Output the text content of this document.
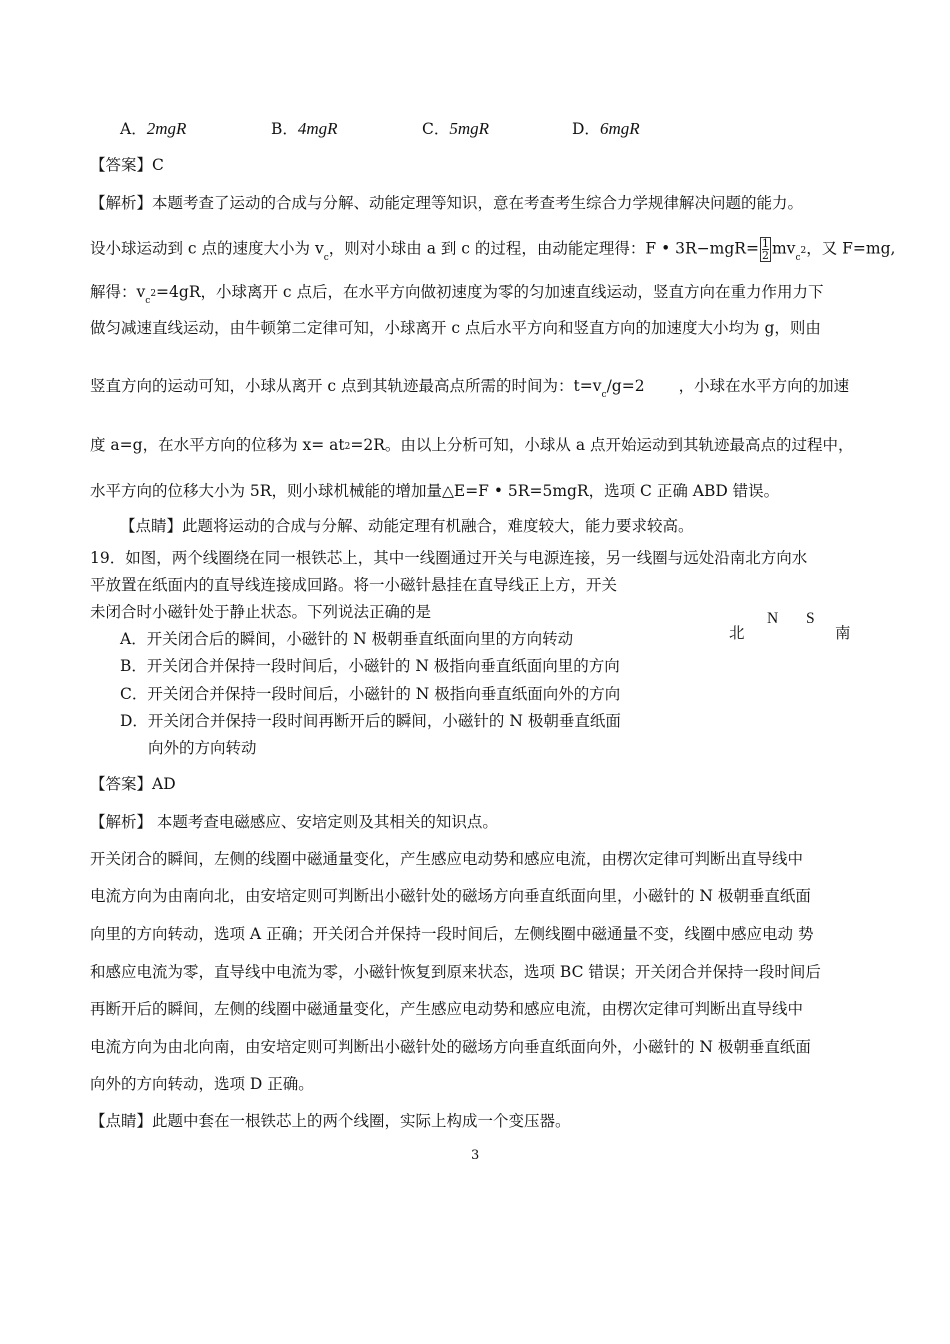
A．2mgR	B．4mgR	C．5mgR	D．6mgR
【答案】C
【解析】本题考查了运动的合成与分解、动能定理等知识，意在考查考生综合力学规律解决问题的能力。
设小球运动到 c 点的速度大小为 $v_c$，则对小球由 a 到 c 的过程，由动能定理得：F • $3R-mgR= \frac{1}{2} mv_c2$，又 F=mg,
解得：$v_c2=4gR$，小球离开 c 点后，在水平方向做初速度为零的匀加速直线运动，竖直方向在重力作用力下
做匀减速直线运动，由牛顿第二定律可知，小球离开 c 点后水平方向和竖直方向的加速度大小均为 g，则由
竖直方向的运动可知，小球从离开 c 点到其轨迹最高点所需的时间为：$t=v_c/g=2$ ，小球在水平方向的加速
度 a=g，在水平方向的位移为 x= at2=2R。由以上分析可知，小球从 a 点开始运动到其轨迹最高点的过程中，
水平方向的位移大小为 5R，则小球机械能的增加量△E=F • 5R=5mgR，选项 C 正确 ABD 错误。
【点睛】此题将运动的合成与分解、动能定理有机融合，难度较大，能力要求较高。
19．如图，两个线圈绕在同一根铁芯上，其中一线圈通过开关与电源连接，另一线圈与远处沿南北方向水
平放置在纸面内的直导线连接成回路。将一小磁针悬挂在直导线正上方，开关
未闭合时小磁针处于静止状态。下列说法正确的是
A．开关闭合后的瞬间，小磁针的 N 极朝垂直纸面向里的方向转动
B．开关闭合并保持一段时间后，小磁针的 N 极指向垂直纸面向里的方向
C．开关闭合并保持一段时间后，小磁针的 N 极指向垂直纸面向外的方向
D．开关闭合并保持一段时间再断开后的瞬间，小磁针的 N 极朝垂直纸面
向外的方向转动
北
N S
南
【答案】AD
【解析】 本题考查电磁感应、安培定则及其相关的知识点。
开关闭合的瞬间，左侧的线圈中磁通量变化，产生感应电动势和感应电流，由楞次定律可判断出直导线中
电流方向为由南向北，由安培定则可判断出小磁针处的磁场方向垂直纸面向里，小磁针的 N 极朝垂直纸面
向里的方向转动，选项 A 正确；开关闭合并保持一段时间后，左侧线圈中磁通量不变，线圈中感应电动 势
和感应电流为零，直导线中电流为零，小磁针恢复到原来状态，选项 BC 错误；开关闭合并保持一段时间后
再断开后的瞬间，左侧的线圈中磁通量变化，产生感应电动势和感应电流，由楞次定律可判断出直导线中
电流方向为由北向南，由安培定则可判断出小磁针处的磁场方向垂直纸面向外，小磁针的 N 极朝垂直纸面
向外的方向转动，选项 D 正确。
【点睛】此题中套在一根铁芯上的两个线圈，实际上构成一个变压器。
3
